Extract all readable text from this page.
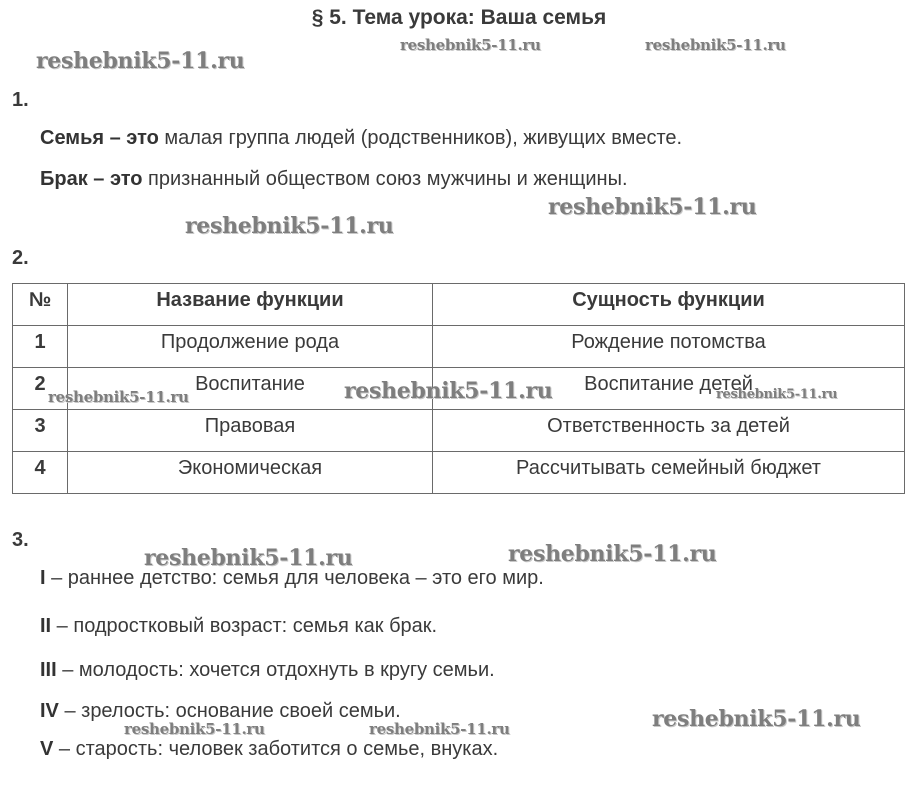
§ 5. Тема урока: Ваша семья
1.
Семья – это малая группа людей (родственников), живущих вместе.
Брак – это признанный обществом союз мужчины и женщины.
2.
№	Название функции	Сущность функции
1	Продолжение рода	Рождение потомства
2	Воспитание	Воспитание детей
3	Правовая	Ответственность за детей
4	Экономическая	Рассчитывать семейный бюджет
3.
I – раннее детство: семья для человека – это его мир.
II – подростковый возраст: семья как брак.
III – молодость: хочется отдохнуть в кругу семьи.
IV – зрелость: основание своей семьи.
V – старость: человек заботится о семье, внуках.
reshebnik5-11.ru
reshebnik5-11.ru	reshebnik5-11.ru
reshebnik5-11.ru
reshebnik5-11.ru
reshebnik5-11.ru	reshebnik5-11.ru	reshebnik5-11.ru
reshebnik5-11.ru	reshebnik5-11.ru
reshebnik5-11.ru
reshebnik5-11.ru	reshebnik5-11.ru
